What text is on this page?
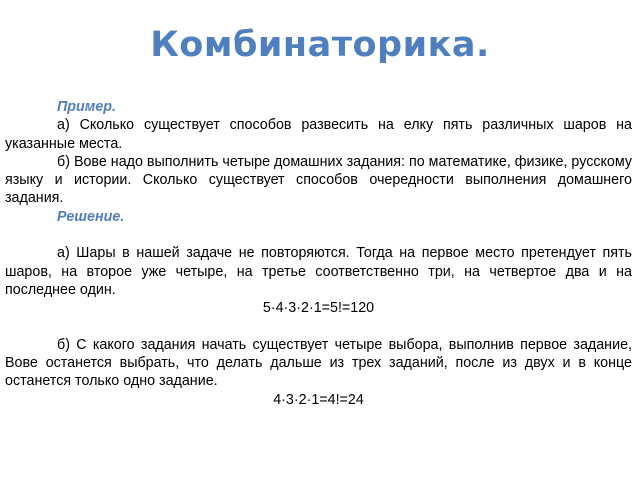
Комбинаторика.

Пример.

а) Сколько существует способов развесить на елку пять различных шаров на указанные места.

б) Вове надо выполнить четыре домашних задания: по математике, физике, русскому языку и истории. Сколько существует способов очередности выполнения домашнего задания.

Решение.

а) Шары в нашей задаче не повторяются. Тогда на первое место претендует пять шаров, на второе уже четыре, на третье соответственно три, на четвертое два и на последнее один.

5·4·3·2·1=5!=120

б) С какого задания начать существует четыре выбора, выполнив первое задание, Вове останется выбрать, что делать дальше из трех заданий, после из двух и в конце останется только одно задание.

4·3·2·1=4!=24
